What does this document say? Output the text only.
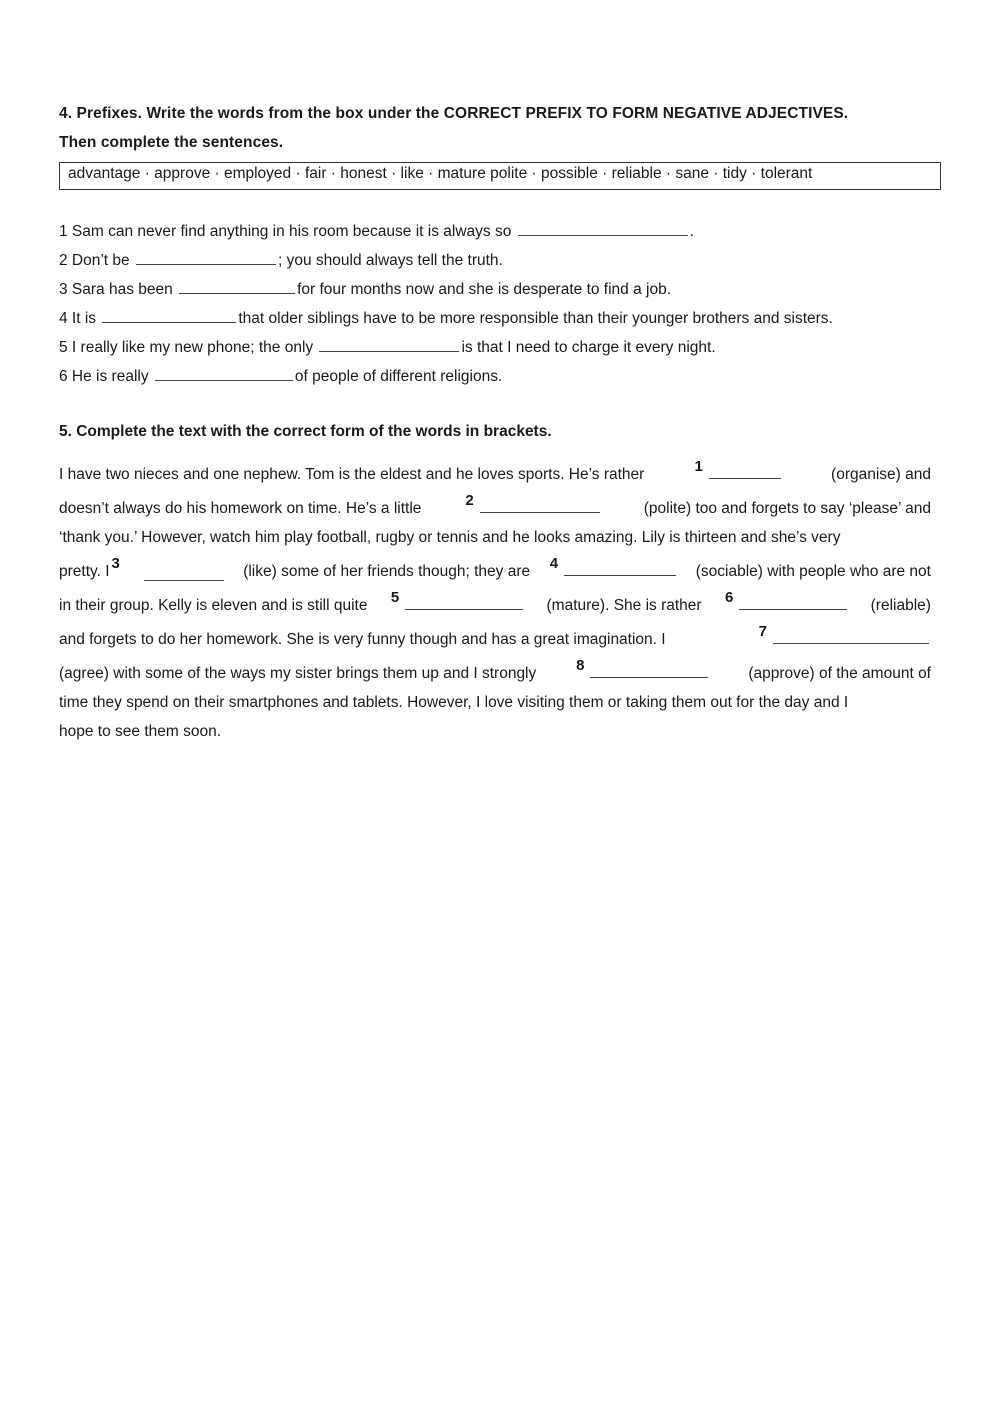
4. Prefixes. Write the words from the box under the CORRECT PREFIX TO FORM NEGATIVE ADJECTIVES.

Then complete the sentences.

advantage · approve · employed · fair · honest · like · mature polite · possible · reliable · sane · tidy · tolerant
1 Sam can never find anything in his room because it is always so	.
2 Don’t be	; you should always tell the truth.
3 Sara has been	for four months now and she is desperate to find a job.
4 It is	that older siblings have to be more responsible than their younger brothers and sisters.
5 I really like my new phone; the only	is that I need to charge it every night.
6 He is really	of people of different religions.

5. Complete the text with the correct form of the words in brackets.

I have two nieces and one nephew. Tom is the eldest and he loves sports. He’s rather	1	(organise) and
doesn’t always do his homework on time. He’s a little	2	(polite) too and forgets to say ‘please’ and
‘thank you.’ However, watch him play football, rugby or tennis and he looks amazing. Lily is thirteen and she’s very
pretty. I 3	(like) some of her friends though; they are 4	(sociable) with people who are not
in their group. Kelly is eleven and is still quite 5	(mature). She is rather 6	(reliable)
and forgets to do her homework. She is very funny though and has a great imagination. I	7
(agree) with some of the ways my sister brings them up and I strongly	8	(approve) of the amount of
time they spend on their smartphones and tablets. However, I love visiting them or taking them out for the day and I
hope to see them soon.
